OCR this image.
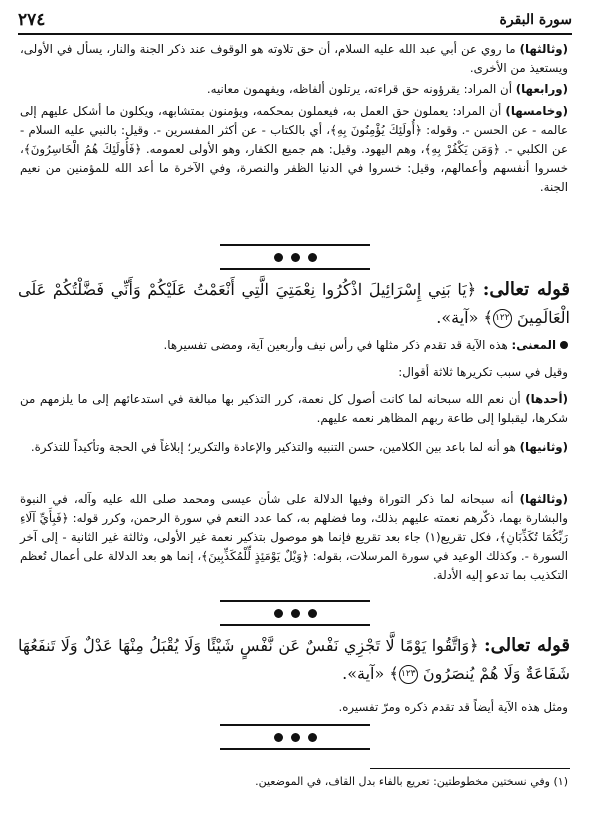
سورة البقرة
٢٧٤

(وثالثها) ما روي عن أبي عبد الله عليه السلام، أن حق تلاوته هو الوقوف عند ذكر الجنة والنار، يسأل في الأولى، ويستعيذ من الأخرى.

(ورابعها) أن المراد: يقرؤونه حق قراءته، يرتلون ألفاظه، ويفهمون معانيه.

(وخامسها) أن المراد: يعملون حق العمل به، فيعملون بمحكمه، ويؤمنون بمتشابهه، ويكلون ما أشكل عليهم إلى عالمه - عن الحسن -. وقوله: ﴿أُولَئِكَ يُؤْمِنُونَ بِهِ﴾، أي بالكتاب - عن أكثر المفسرين -. وقيل: بالنبي عليه السلام - عن الكلبي -. ﴿وَمَن يَكْفُرْ بِهِ﴾، وهم اليهود. وقيل: هم جميع الكفار، وهو الأولى لعمومه. ﴿فَأُولَئِكَ هُمُ الْخَاسِرُونَ﴾، خسروا أنفسهم وأعمالهم، وقيل: خسروا في الدنيا الظفر والنصرة، وفي الآخرة ما أعد الله للمؤمنين من نعيم الجنة.

قوله تعالى: ﴿يَا بَنِي إِسْرَائِيلَ اذْكُرُوا نِعْمَتِيَ الَّتِي أَنْعَمْتُ عَلَيْكُمْ وَأَنِّي فَضَّلْتُكُمْ عَلَى الْعَالَمِينَ ١٢٢﴾ «آية».

المعنى: هذه الآية قد تقدم ذكر مثلها في رأس نيف وأربعين آية، ومضى تفسيرها.

وقيل في سبب تكريرها ثلاثة أقوال:

(أحدها) أن نعم الله سبحانه لما كانت أصول كل نعمة، كرر التذكير بها مبالغة في استدعائهم إلى ما يلزمهم من شكرها، ليقبلوا إلى طاعة ربهم المظاهر نعمه عليهم.

(وثانيها) هو أنه لما باعد بين الكلامين، حسن التنبيه والتذكير والإعادة والتكرير؛ إبلاغاً في الحجة وتأكيداً للتذكرة.

(وثالثها) أنه سبحانه لما ذكر التوراة وفيها الدلالة على شأن عيسى ومحمد صلى الله عليه وآله، في النبوة والبشارة بهما، ذكّرهم نعمته عليهم بذلك، وما فضلهم به، كما عدد النعم في سورة الرحمن، وكرر قوله: ﴿فَبِأَيِّ آلَاءِ رَبِّكُمَا تُكَذِّبَانِ﴾، فكل تقريع(١) جاء بعد تقريع فإنما هو موصول بتذكير نعمة غير الأولى، وثالثة غير الثانية - إلى آخر السورة -. وكذلك الوعيد في سورة المرسلات، بقوله: ﴿وَيْلٌ يَوْمَئِذٍ لِّلْمُكَذِّبِينَ﴾، إنما هو بعد الدلالة على أعمال تُعظم التكذيب بما تدعو إليه الأدلة.

قوله تعالى: ﴿وَاتَّقُوا يَوْمًا لَّا تَجْزِي نَفْسٌ عَن نَّفْسٍ شَيْئًا وَلَا يُقْبَلُ مِنْهَا عَدْلٌ وَلَا تَنفَعُهَا شَفَاعَةٌ وَلَا هُمْ يُنصَرُونَ ١٢٣﴾ «آية».

ومثل هذه الآية أيضاً قد تقدم ذكره ومرّ تفسيره.

(١) وفي نسختين مخطوطتين: تعريع بالفاء بدل القاف، في الموضعين.
